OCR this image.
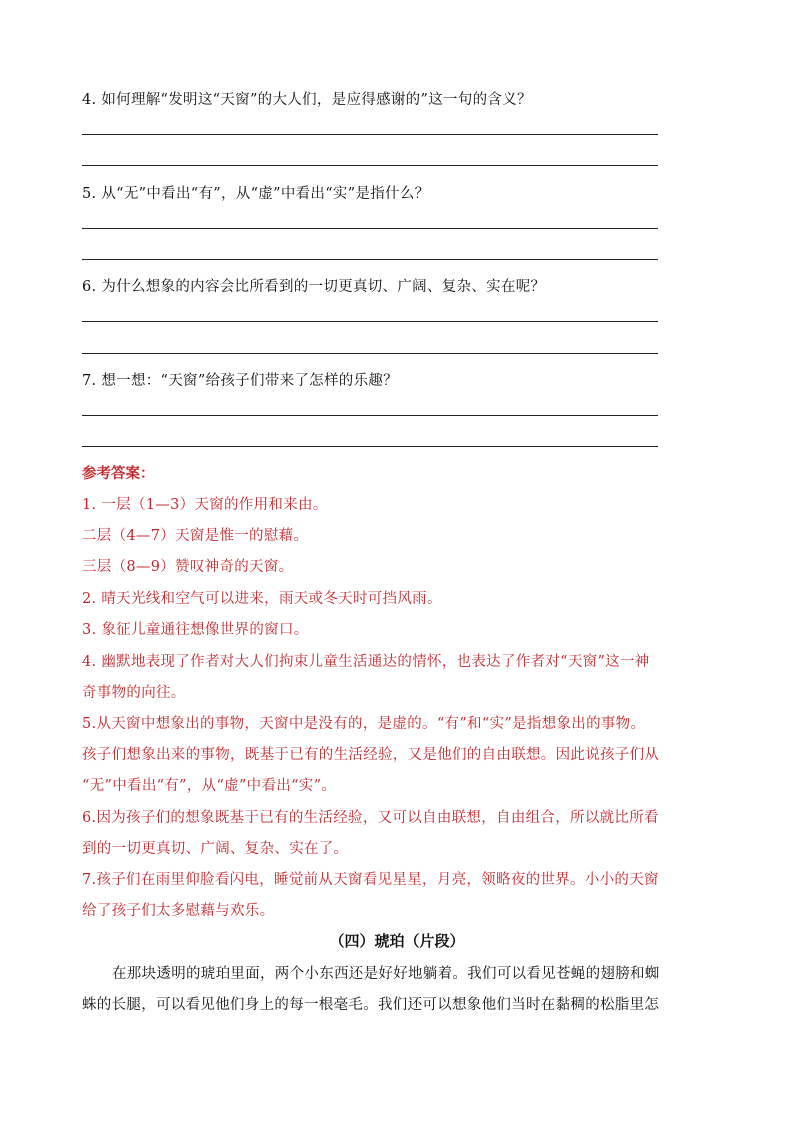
4. 如何理解“发明这“天窗”的大人们，是应得感谢的”这一句的含义？
5. 从“无”中看出“有”，从“虚”中看出“实”是指什么？
6. 为什么想象的内容会比所看到的一切更真切、广阔、复杂、实在呢？
7. 想一想：“天窗”给孩子们带来了怎样的乐趣？
参考答案：
1. 一层（1—3）天窗的作用和来由。
二层（4—7）天窗是惟一的慰藉。
三层（8—9）赞叹神奇的天窗。
2. 晴天光线和空气可以进来，雨天或冬天时可挡风雨。
3. 象征儿童通往想像世界的窗口。
4. 幽默地表现了作者对大人们拘束儿童生活通达的情怀，也表达了作者对“天窗”这一神
奇事物的向往。
5.从天窗中想象出的事物，天窗中是没有的，是虚的。“有”和“实”是指想象出的事物。
孩子们想象出来的事物，既基于已有的生活经验，又是他们的自由联想。因此说孩子们从
“无”中看出“有”，从“虚”中看出“实”。
6.因为孩子们的想象既基于已有的生活经验，又可以自由联想，自由组合，所以就比所看
到的一切更真切、广阔、复杂、实在了。
7.孩子们在雨里仰脸看闪电，睡觉前从天窗看见星星，月亮，领略夜的世界。小小的天窗
给了孩子们太多慰藉与欢乐。
（四）琥珀（片段）
在那块透明的琥珀里面，两个小东西还是好好地躺着。我们可以看见苍蝇的翅膀和蜘
蛛的长腿，可以看见他们身上的每一根毫毛。我们还可以想象他们当时在黏稠的松脂里怎
